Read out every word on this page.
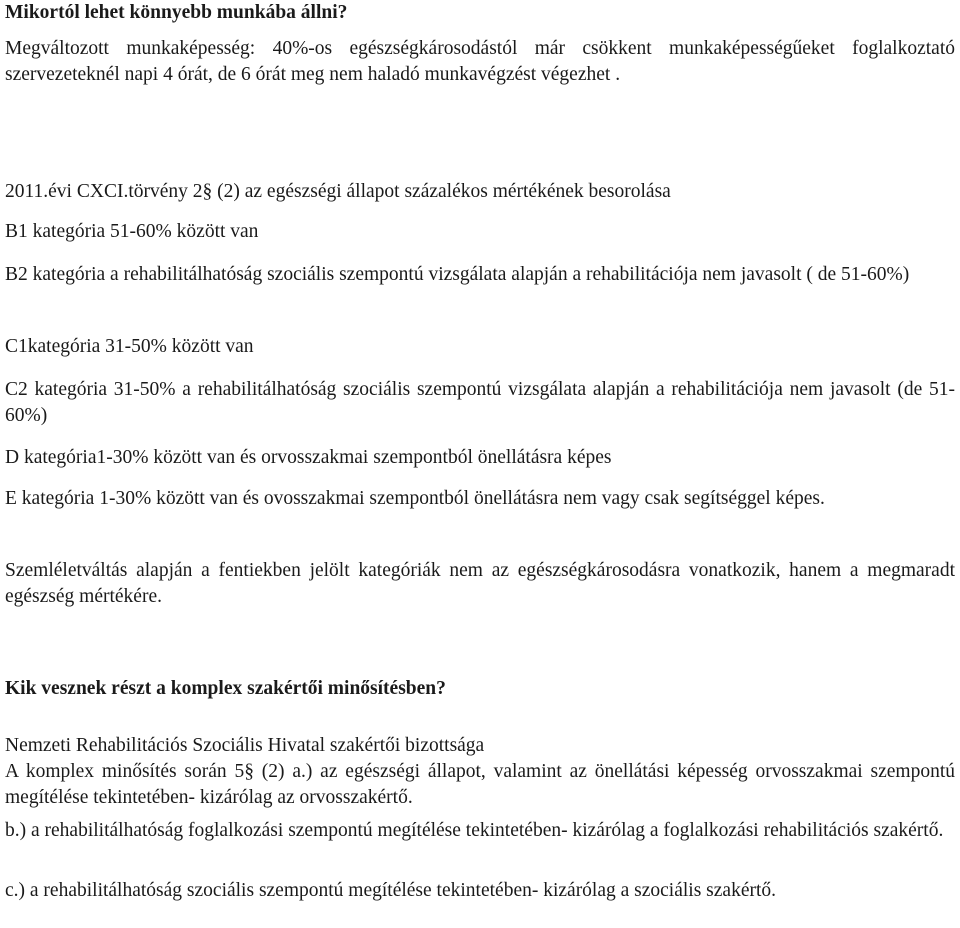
Mikortól lehet könnyebb munkába állni?

Megváltozott munkaképesség: 40%-os egészségkárosodástól már csökkent munkaképességűeket foglalkoztató szervezeteknél napi 4 órát, de 6 órát meg nem haladó munkavégzést végezhet .

2011.évi CXCI.törvény 2§ (2) az egészségi állapot százalékos mértékének besorolása

B1 kategória 51-60% között van

B2 kategória a rehabilitálhatóság szociális szempontú vizsgálata alapján a rehabilitációja nem javasolt ( de 51-60%)

C1kategória 31-50% között van

C2 kategória 31-50% a rehabilitálhatóság szociális szempontú vizsgálata alapján a rehabilitációja nem javasolt (de 51-60%)

D kategória1-30% között van és orvosszakmai szempontból önellátásra képes

E kategória 1-30% között van és ovosszakmai szempontból önellátásra nem vagy csak segítséggel képes.

Szemléletváltás alapján a fentiekben jelölt kategóriák nem az egészségkárosodásra vonatkozik, hanem a megmaradt egészség mértékére.

Kik vesznek részt a komplex szakértői minősítésben?

Nemzeti Rehabilitációs Szociális Hivatal szakértői bizottsága

A komplex minősítés során 5§ (2) a.) az egészségi állapot, valamint az önellátási képesség orvosszakmai szempontú megítélése tekintetében- kizárólag az orvosszakértő.

b.) a rehabilitálhatóság foglalkozási szempontú megítélése tekintetében- kizárólag a foglalkozási rehabilitációs szakértő.

c.) a rehabilitálhatóság szociális szempontú megítélése tekintetében- kizárólag a szociális szakértő.
